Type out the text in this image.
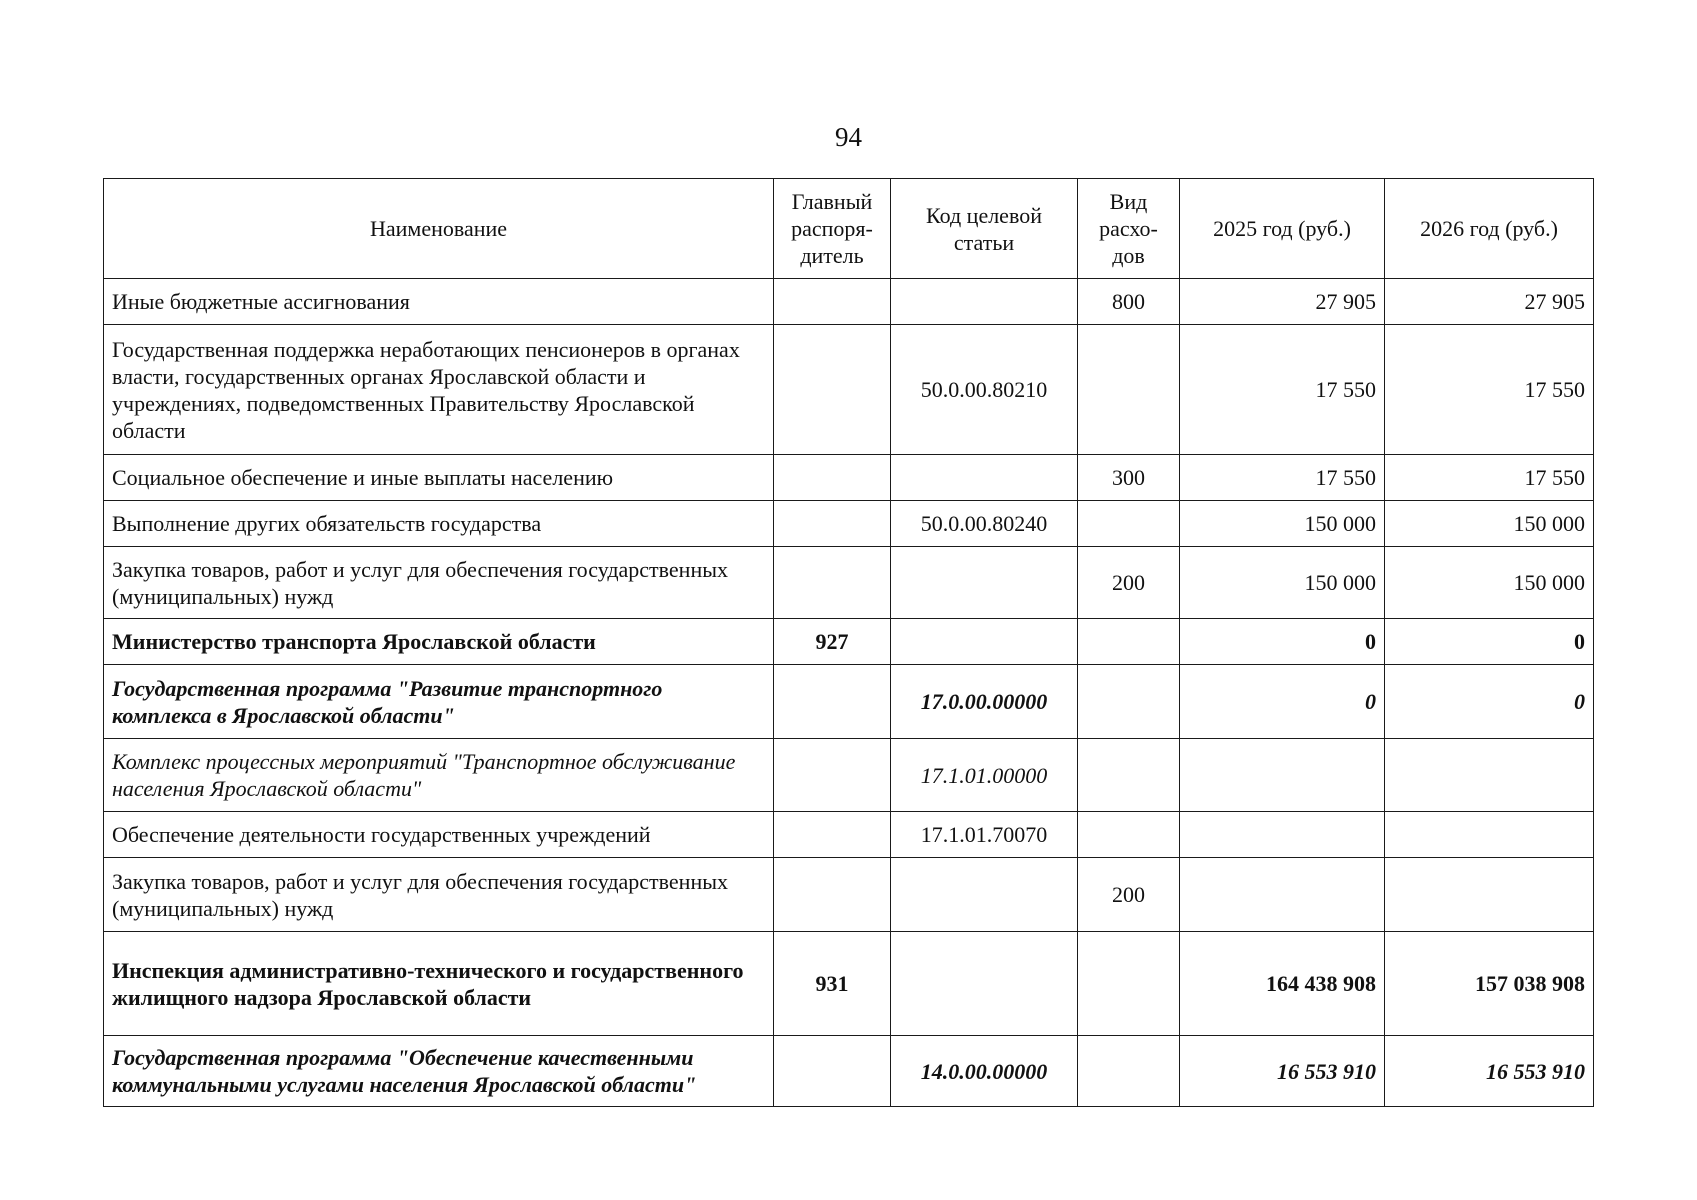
94
Наименование	Главный распоря-дитель	Код целевой статьи	Вид расхо-дов	2025 год (руб.)	2026 год (руб.)
Иные бюджетные ассигнования			800	27 905	27 905
Государственная поддержка неработающих пенсионеров в органах власти, государственных органах Ярославской области и учреждениях, подведомственных Правительству Ярославской области		50.0.00.80210		17 550	17 550
Социальное обеспечение и иные выплаты населению			300	17 550	17 550
Выполнение других обязательств государства		50.0.00.80240		150 000	150 000
Закупка товаров, работ и услуг для обеспечения государственных (муниципальных) нужд			200	150 000	150 000
Министерство транспорта Ярославской области	927			0	0
Государственная программа "Развитие транспортного комплекса в Ярославской области"		17.0.00.00000		0	0
Комплекс процессных мероприятий "Транспортное обслуживание населения Ярославской области"		17.1.01.00000			
Обеспечение деятельности государственных учреждений		17.1.01.70070			
Закупка товаров, работ и услуг для обеспечения государственных (муниципальных) нужд			200		
Инспекция административно-технического и государственного жилищного надзора Ярославской области	931			164 438 908	157 038 908
Государственная программа "Обеспечение качественными коммунальными услугами населения Ярославской области"		14.0.00.00000		16 553 910	16 553 910
